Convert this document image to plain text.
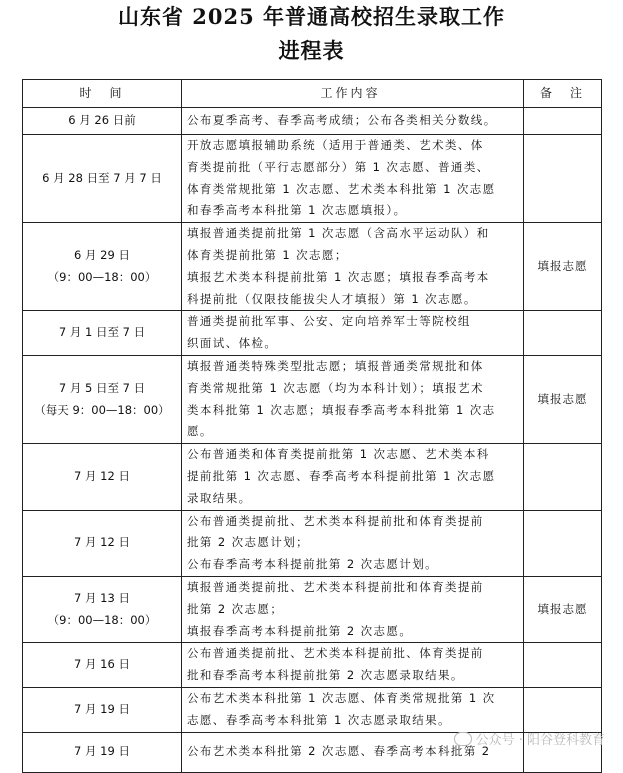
山东省 2025 年普通高校招生录取工作
进程表
时　间	工作内容	备　注

6 月 26 日前	公布夏季高考、春季高考成绩；公布各类相关分数线。	

6 月 28 日至 7 月 7 日	开放志愿填报辅助系统（适用于普通类、艺术类、体
育类提前批（平行志愿部分）第 1 次志愿、普通类、
体育类常规批第 1 次志愿、艺术类本科批第 1 次志愿
和春季高考本科批第 1 次志愿填报）。	

6 月 29 日
（9：00—18：00）	填报普通类提前批第 1 次志愿（含高水平运动队）和
体育类提前批第 1 次志愿；
填报艺术类本科提前批第 1 次志愿；填报春季高考本
科提前批（仅限技能拔尖人才填报）第 1 次志愿。	填报志愿

7 月 1 日至 7 日	普通类提前批军事、公安、定向培养军士等院校组
织面试、体检。	

7 月 5 日至 7 日
（每天 9：00—18：00）	填报普通类特殊类型批志愿；填报普通类常规批和体
育类常规批第 1 次志愿（均为本科计划）；填报艺术
类本科批第 1 次志愿；填报春季高考本科批第 1 次志
愿。	填报志愿

7 月 12 日	公布普通类和体育类提前批第 1 次志愿、艺术类本科
提前批第 1 次志愿、春季高考本科提前批第 1 次志愿
录取结果。	

7 月 12 日	公布普通类提前批、艺术类本科提前批和体育类提前
批第 2 次志愿计划；
公布春季高考本科提前批第 2 次志愿计划。	

7 月 13 日
（9：00—18：00）	填报普通类提前批、艺术类本科提前批和体育类提前
批第 2 次志愿；
填报春季高考本科提前批第 2 次志愿。	填报志愿

7 月 16 日	公布普通类提前批、艺术类本科提前批、体育类提前
批和春季高考本科提前批第 2 次志愿录取结果。	

7 月 19 日	公布艺术类本科批第 1 次志愿、体育类常规批第 1 次
志愿、春季高考本科批第 1 次志愿录取结果。	

7 月 19 日	公布艺术类本科批第 2 次志愿、春季高考本科批第 2	

公众号 · 阳谷登科教育
